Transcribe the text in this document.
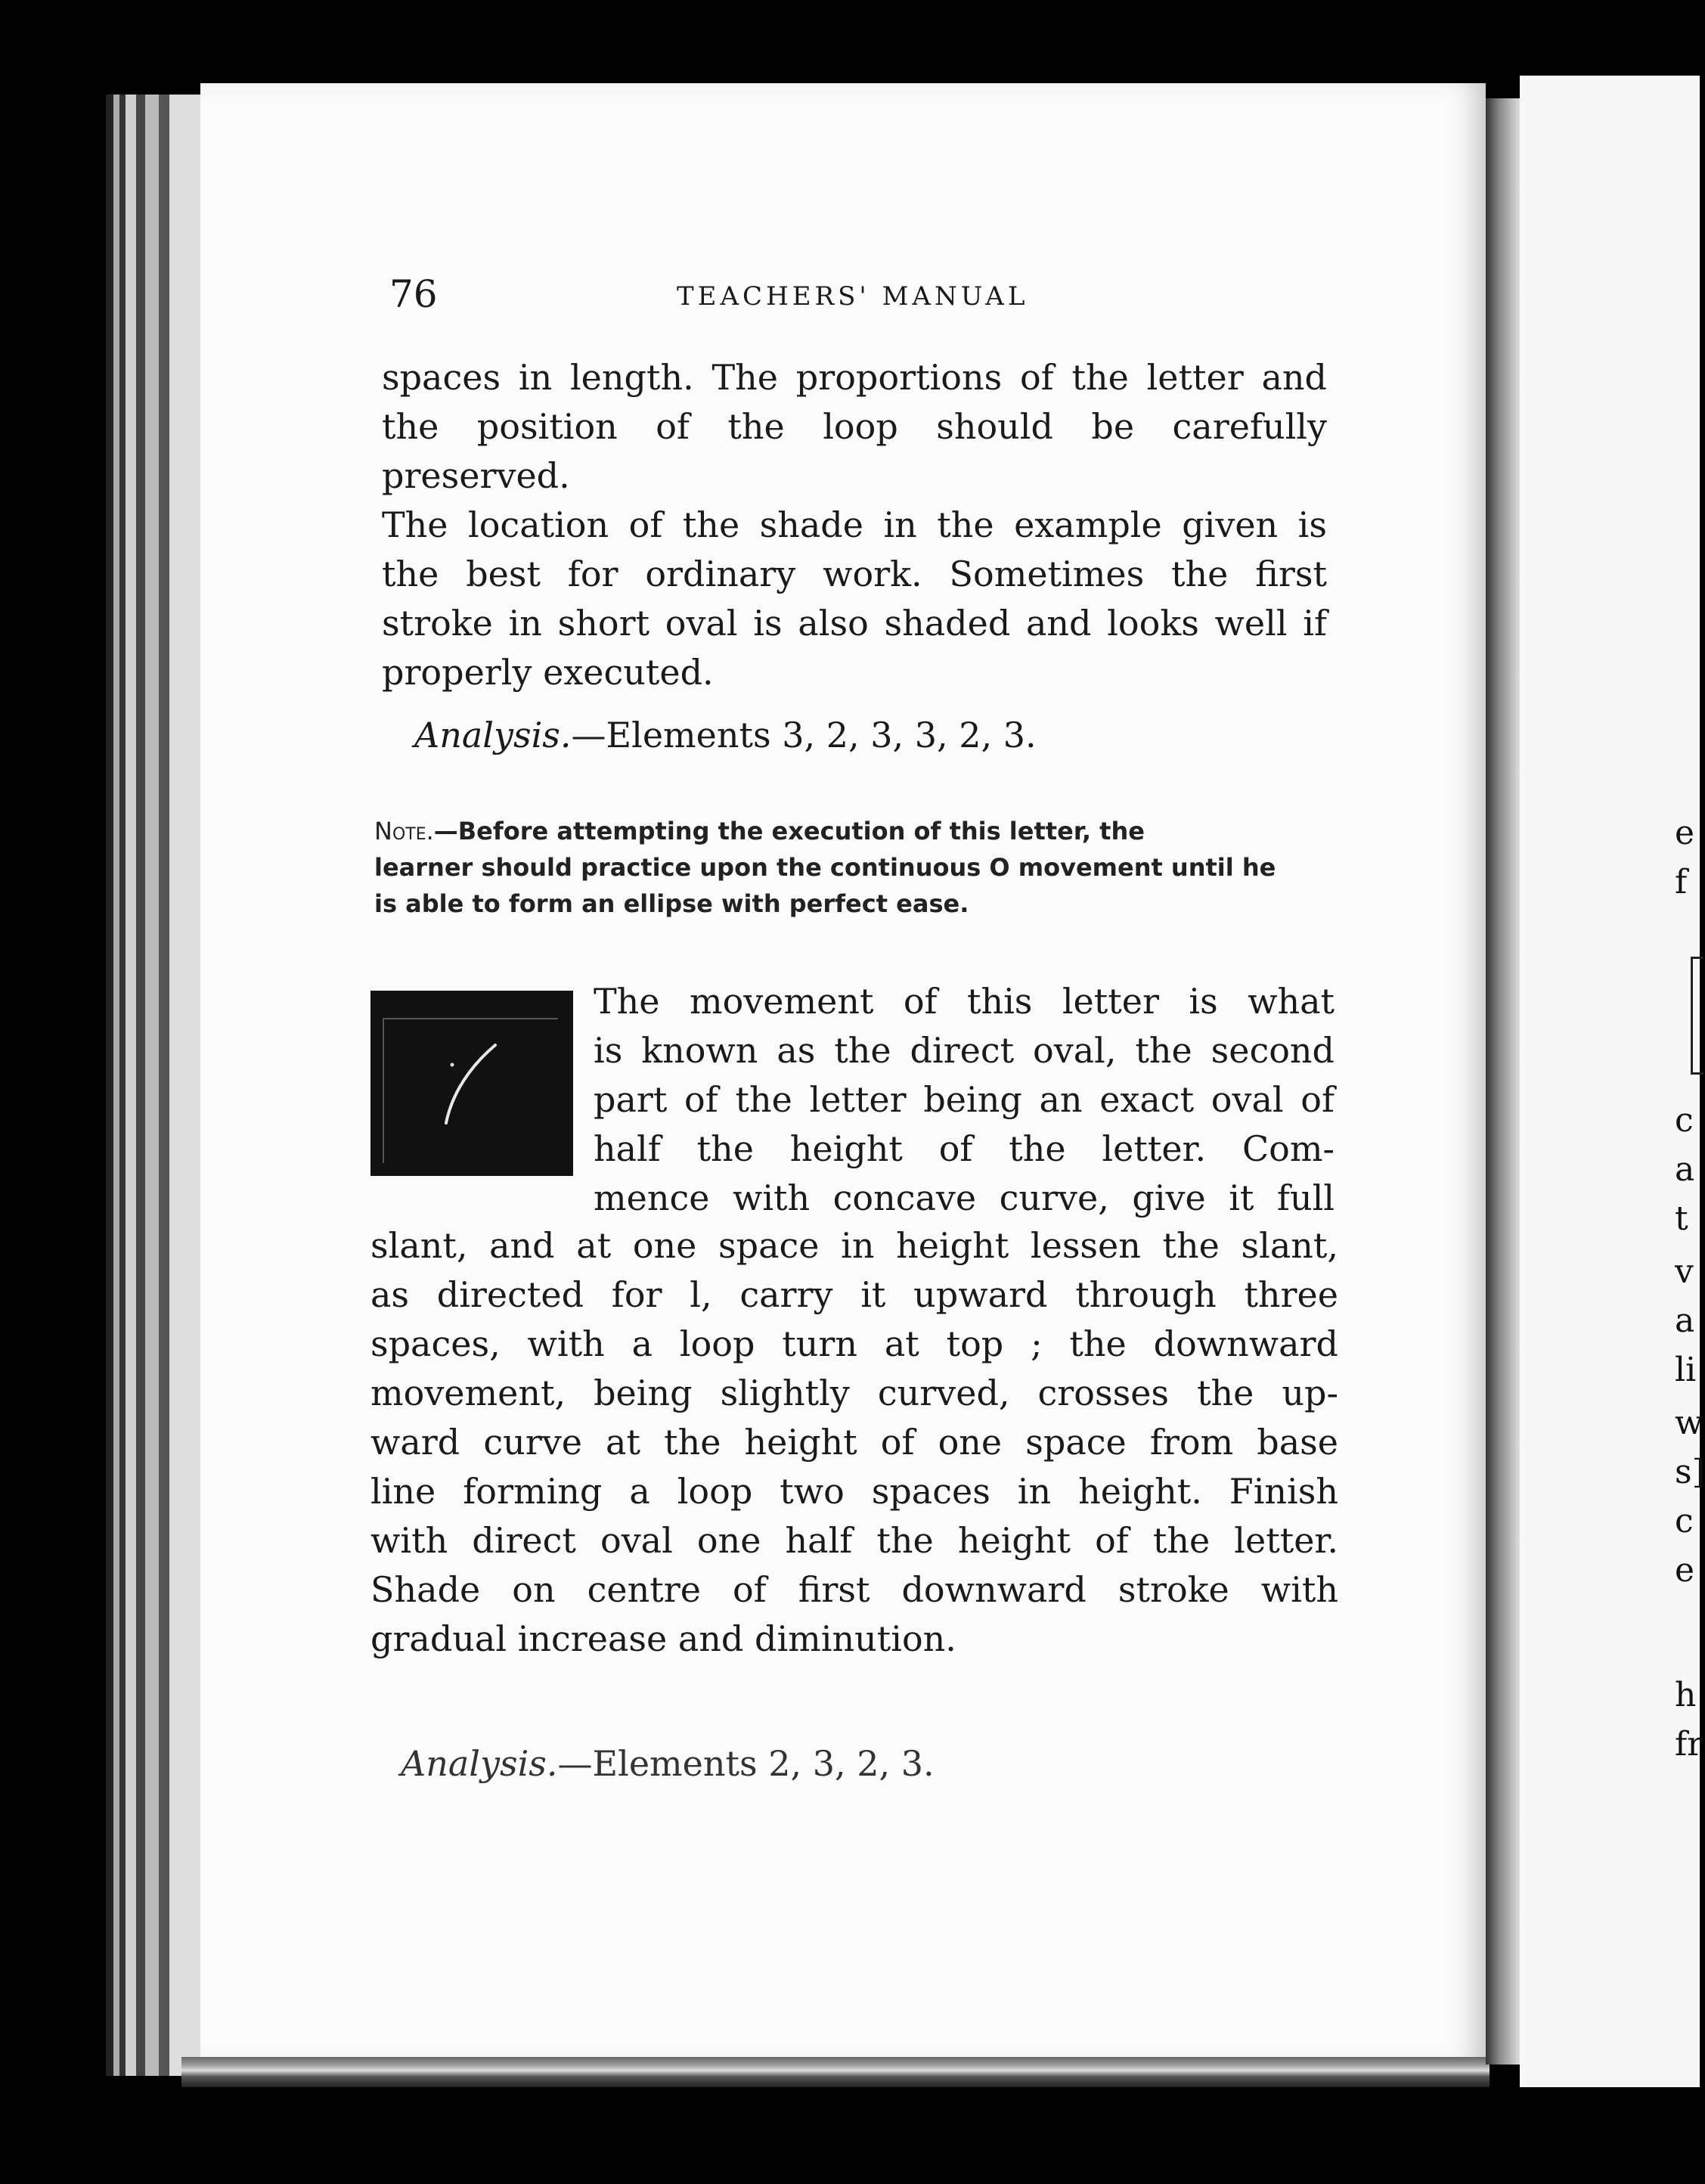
e
f
c
a
t
v
a
li
w
s]
c
e
h
fr
76	TEACHERS' MANUAL

spaces in length. The proportions of the letter and

the position of the loop should be carefully preserved.

The location of the shade in the example given is

the best for ordinary work. Sometimes the first

stroke in short oval is also shaded and looks well if

properly executed.

Analysis.—Elements 3, 2, 3, 3, 2, 3.

Note.—Before attempting the execution of this letter, the

learner should practice upon the continuous O movement until he

is able to form an ellipse with perfect ease.

The movement of this letter is what

is known as the direct oval, the second

part of the letter being an exact oval of

half the height of the letter. Com-

mence with concave curve, give it full

slant, and at one space in height lessen the slant,

as directed for l, carry it upward through three

spaces, with a loop turn at top ; the downward

movement, being slightly curved, crosses the up-

ward curve at the height of one space from base

line forming a loop two spaces in height. Finish

with direct oval one half the height of the letter.

Shade on centre of first downward stroke with

gradual increase and diminution.

Analysis.—Elements 2, 3, 2, 3.
